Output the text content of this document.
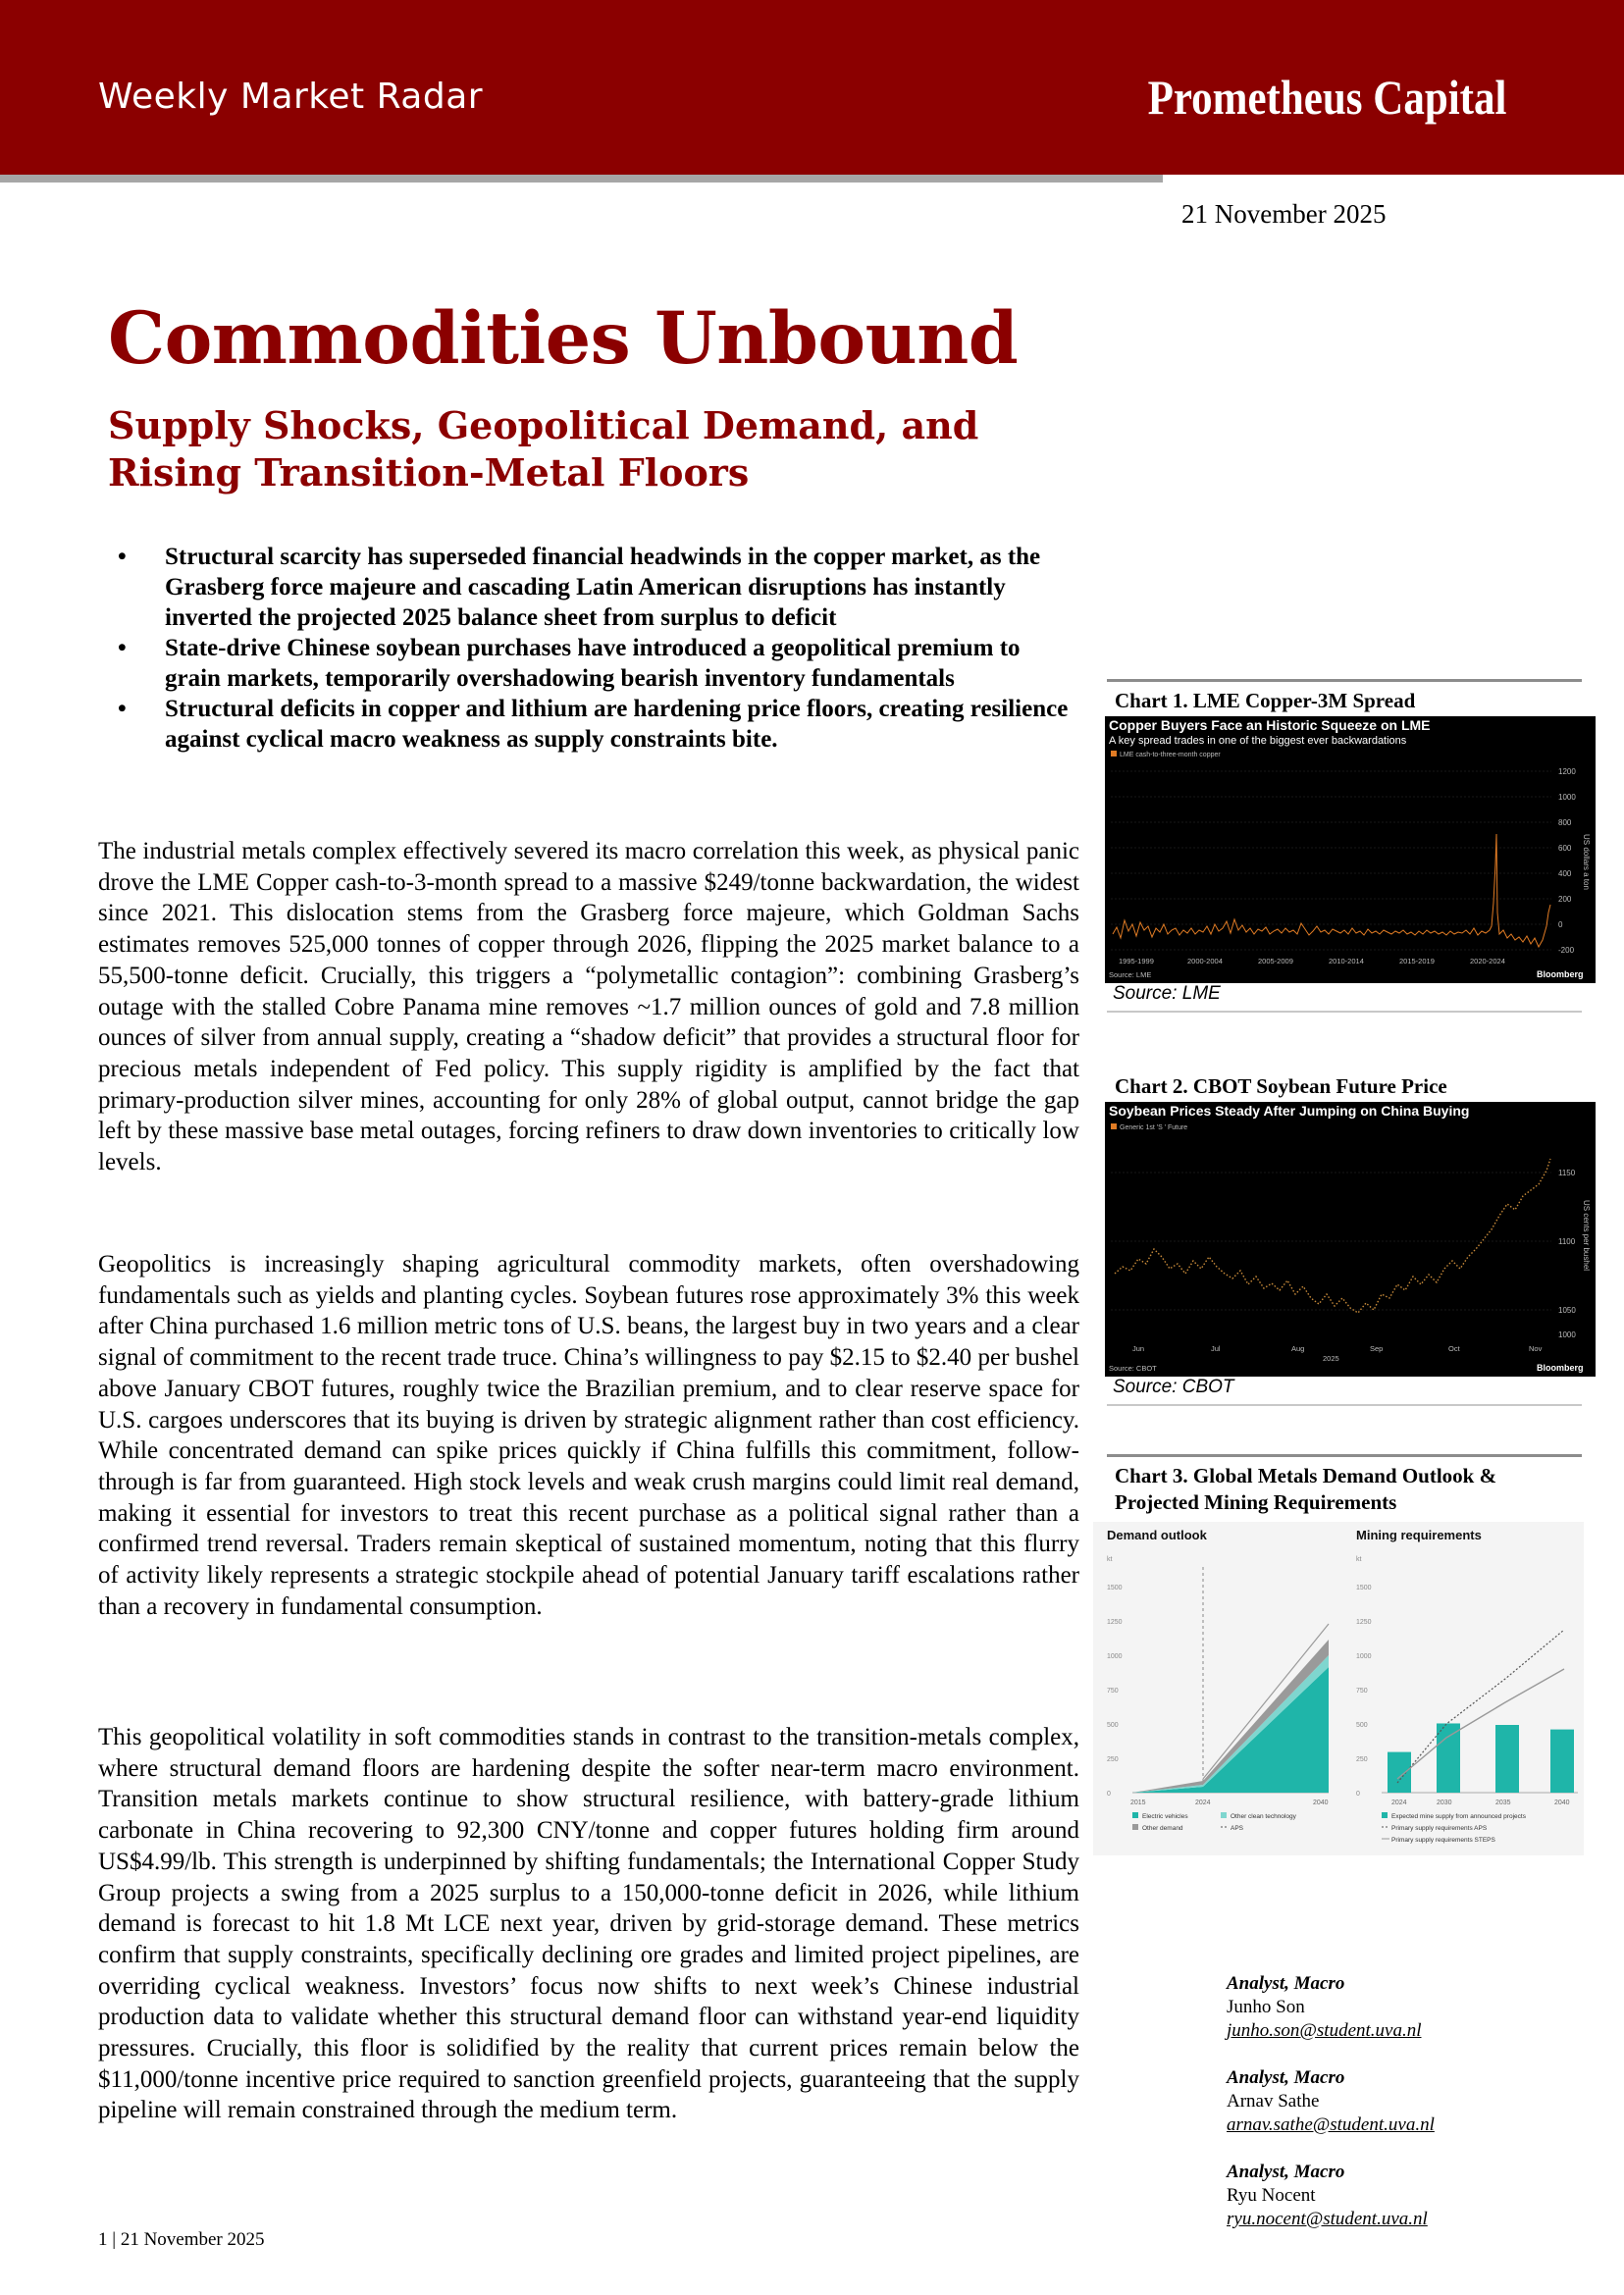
Weekly Market Radar	Prometheus Capital
21 November 2025
Commodities Unbound
Supply Shocks, Geopolitical Demand, and Rising Transition-Metal Floors
• Structural scarcity has superseded financial headwinds in the copper market, as the Grasberg force majeure and cascading Latin American disruptions has instantly inverted the projected 2025 balance sheet from surplus to deficit
• State-drive Chinese soybean purchases have introduced a geopolitical premium to grain markets, temporarily overshadowing bearish inventory fundamentals
• Structural deficits in copper and lithium are hardening price floors, creating resilience against cyclical macro weakness as supply constraints bite.

The industrial metals complex effectively severed its macro correlation this week, as physical panic drove the LME Copper cash-to-3-month spread to a massive $249/tonne backwardation, the widest since 2021. This dislocation stems from the Grasberg force majeure, which Goldman Sachs estimates removes 525,000 tonnes of copper through 2026, flipping the 2025 market balance to a 55,500-tonne deficit. Crucially, this triggers a “polymetallic contagion”: combining Grasberg’s outage with the stalled Cobre Panama mine removes ~1.7 million ounces of gold and 7.8 million ounces of silver from annual supply, creating a “shadow deficit” that provides a structural floor for precious metals independent of Fed policy. This supply rigidity is amplified by the fact that primary-production silver mines, accounting for only 28% of global output, cannot bridge the gap left by these massive base metal outages, forcing refiners to draw down inventories to critically low levels.

Geopolitics is increasingly shaping agricultural commodity markets, often overshadowing fundamentals such as yields and planting cycles. Soybean futures rose approximately 3% this week after China purchased 1.6 million metric tons of U.S. beans, the largest buy in two years and a clear signal of commitment to the recent trade truce. China’s willingness to pay $2.15 to $2.40 per bushel above January CBOT futures, roughly twice the Brazilian premium, and to clear reserve space for U.S. cargoes underscores that its buying is driven by strategic alignment rather than cost efficiency. While concentrated demand can spike prices quickly if China fulfills this commitment, follow-through is far from guaranteed. High stock levels and weak crush margins could limit real demand, making it essential for investors to treat this recent purchase as a political signal rather than a confirmed trend reversal. Traders remain skeptical of sustained momentum, noting that this flurry of activity likely represents a strategic stockpile ahead of potential January tariff escalations rather than a recovery in fundamental consumption.

This geopolitical volatility in soft commodities stands in contrast to the transition-metals complex, where structural demand floors are hardening despite the softer near-term macro environment. Transition metals markets continue to show structural resilience, with battery-grade lithium carbonate in China recovering to 92,300 CNY/tonne and copper futures holding firm around US$4.99/lb. This strength is underpinned by shifting fundamentals; the International Copper Study Group projects a swing from a 2025 surplus to a 150,000-tonne deficit in 2026, while lithium demand is forecast to hit 1.8 Mt LCE next year, driven by grid-storage demand. These metrics confirm that supply constraints, specifically declining ore grades and limited project pipelines, are overriding cyclical weakness. Investors’ focus now shifts to next week’s Chinese industrial production data to validate whether this structural demand floor can withstand year-end liquidity pressures. Crucially, this floor is solidified by the reality that current prices remain below the $11,000/tonne incentive price required to sanction greenfield projects, guaranteeing that the supply pipeline will remain constrained through the medium term.

Chart 1. LME Copper-3M Spread
Copper Buyers Face an Historic Squeeze on LME
A key spread trades in one of the biggest ever backwardations
LME cash-to-three-month copper
1200
1000
800
600
400
200
0
-200
US dollars a ton
1995-1999	2000-2004	2005-2009	2010-2014	2015-2019	2020-2024
Source: LME	Bloomberg
Source: LME
Chart 2. CBOT Soybean Future Price
Soybean Prices Steady After Jumping on China Buying
Generic 1st 'S ' Future
1150
1100
1050
1000
US cents per bushel
Jun	Jul	Aug	Sep	Oct	Nov
2025
Source: CBOT	Bloomberg
Source: CBOT
Chart 3. Global Metals Demand Outlook & Projected Mining Requirements
Demand outlook	Mining requirements
kt	kt
1500
1250
1000
750
500
250
0
1500
1250
1000
750
500
250
0
2015	2024	2040	2024	2030	2035	2040
Electric vehicles	Other clean technology
Other demand	APS
Expected mine supply from announced projects
Primary supply requirements APS
Primary supply requirements STEPS
Analyst, Macro
Junho Son
junho.son@student.uva.nl
Analyst, Macro
Arnav Sathe
arnav.sathe@student.uva.nl
Analyst, Macro
Ryu Nocent
ryu.nocent@student.uva.nl
1 | 21 November 2025
